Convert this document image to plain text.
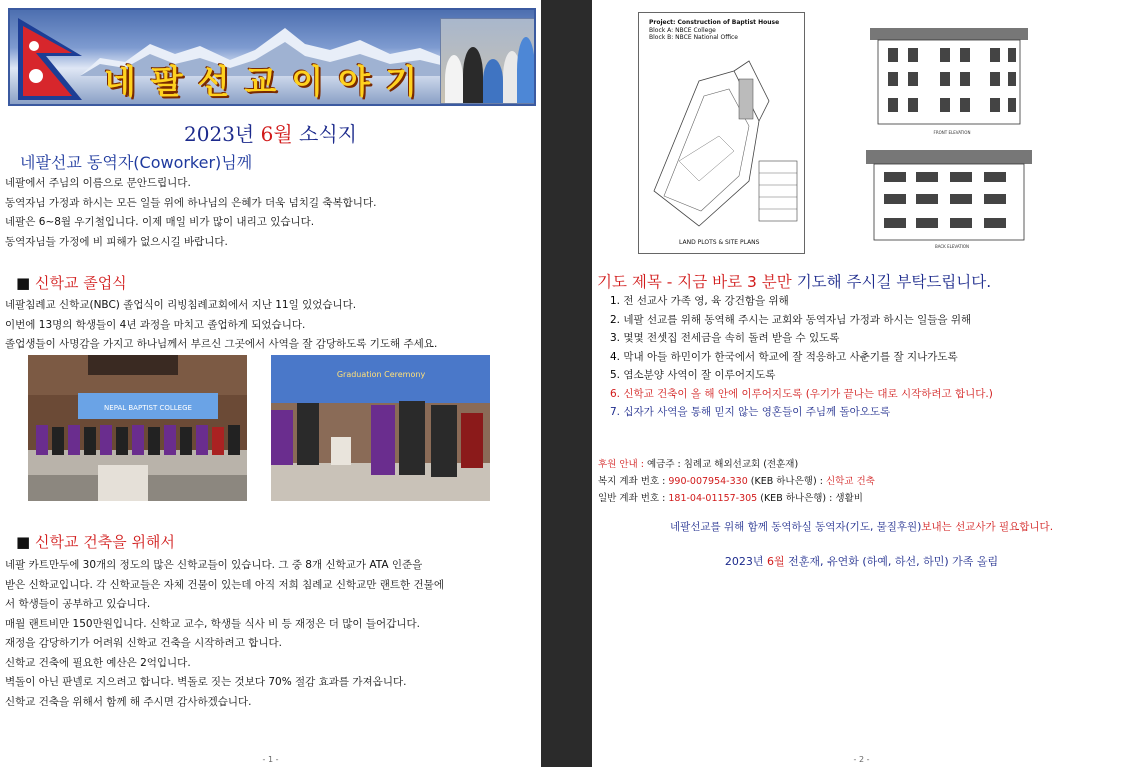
네팔선교이야기
2023년 6월 소식지
네팔선교 동역자(Coworker)님께
네팔에서 주님의 이름으로 문안드립니다.
동역자님 가정과 하시는 모든 일들 위에 하나님의 은혜가 더욱 넘치길 축복합니다.
네팔은 6~8월 우기철입니다. 이제 매일 비가 많이 내리고 있습니다.
동역자님들 가정에 비 피해가 없으시길 바랍니다.
■ 신학교 졸업식
네팔침례교 신학교(NBC) 졸업식이 리빙침례교회에서 지난 11일 있었습니다.
이번에 13명의 학생들이 4년 과정을 마치고 졸업하게 되었습니다.
졸업생들이 사명감을 가지고 하나님께서 부르신 그곳에서 사역을 잘 감당하도록 기도해 주세요.
NEPAL BAPTIST COLLEGE
Graduation Ceremony
■ 신학교 건축을 위해서
네팔 카트만두에 30개의 정도의 많은 신학교들이 있습니다. 그 중 8개 신학교가 ATA 인준을
받은 신학교입니다. 각 신학교들은 자체 건물이 있는데 아직 저희 침례교 신학교만 랜트한 건물에
서 학생들이 공부하고 있습니다.
매월 랜트비만 150만원입니다. 신학교 교수, 학생들 식사 비 등 재정은 더 많이 들어갑니다.
재정을 감당하기가 어려워 신학교 건축을 시작하려고 합니다.
신학교 건축에 필요한 예산은 2억입니다.
벽돌이 아닌 판넬로 지으려고 합니다. 벽돌로 짓는 것보다 70% 절감 효과를 가져옵니다.
신학교 건축을 위해서 함께 해 주시면 감사하겠습니다.
- 1 -
Project: Construction of Baptist House
Block A: NBCE College
Block B: NBCE National Office
LAND PLOTS & SITE PLANS
FRONT ELEVATION
BACK ELEVATION
기도 제목 - 지금 바로 3 분만 기도해 주시길 부탁드립니다.
1. 전 선교사 가족 영, 육 강건함을 위해
2. 네팔 선교를 위해 동역해 주시는 교회와 동역자님 가정과 하시는 일들을 위해
3. 몇몇 전셋집 전세금을 속히 돌려 받을 수 있도록
4. 막내 아들 하민이가 한국에서 학교에 잘 적응하고 사춘기를 잘 지나가도록
5. 염소분양 사역이 잘 이루어지도록
6. 신학교 건축이 올 해 안에 이루어지도록 (우기가 끝나는 대로 시작하려고 합니다.)
7. 십자가 사역을 통해 믿지 않는 영혼들이 주님께 돌아오도록
후원 안내 : 예금주 : 침례교 해외선교회 (전훈재)
복지 계좌 번호 : 990-007954-330 (KEB 하나은행) : 신학교 건축
일반 계좌 번호 : 181-04-01157-305 (KEB 하나은행) : 생활비
네팔선교를 위해 함께 동역하실 동역자(기도, 물질후원)보내는 선교사가 필요합니다.
2023년 6월 전훈재, 유연화 (하예, 하선, 하민) 가족 올림
- 2 -
